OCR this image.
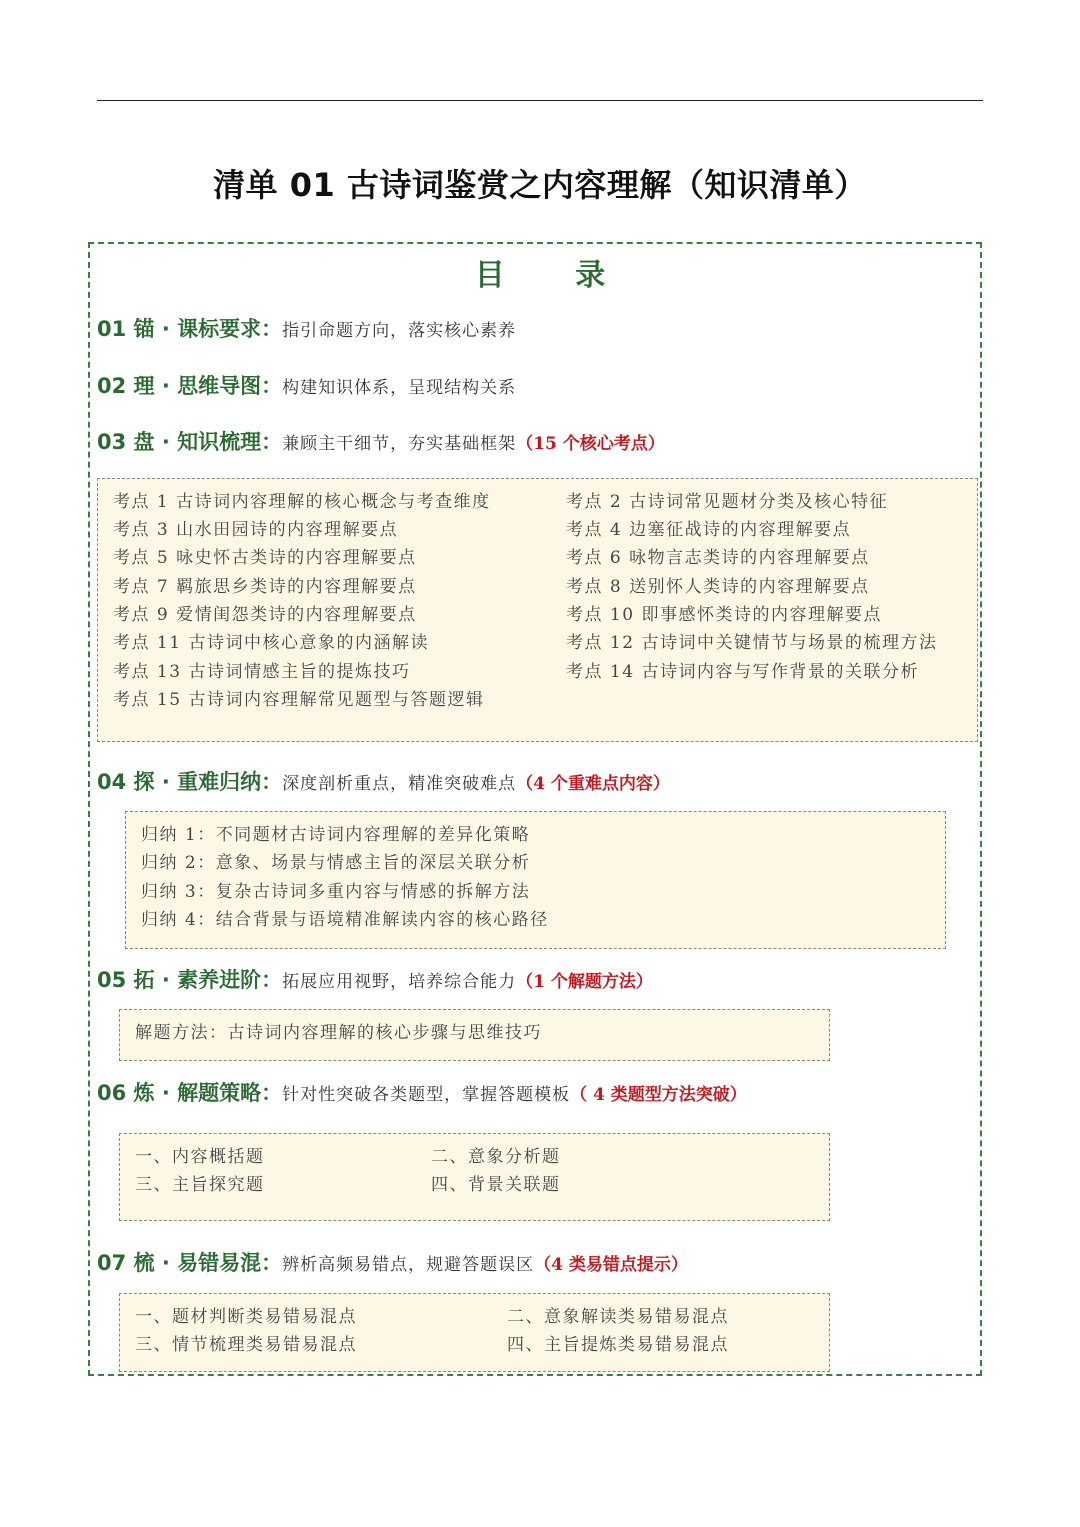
清单 01 古诗词鉴赏之内容理解（知识清单）
目 录
01 锚 · 课标要求：指引命题方向，落实核心素养
02 理 · 思维导图：构建知识体系，呈现结构关系
03 盘 · 知识梳理：兼顾主干细节，夯实基础框架（15 个核心考点）
考点 1 古诗词内容理解的核心概念与考查维度	考点 2 古诗词常见题材分类及核心特征
考点 3 山水田园诗的内容理解要点	考点 4 边塞征战诗的内容理解要点
考点 5 咏史怀古类诗的内容理解要点	考点 6 咏物言志类诗的内容理解要点
考点 7 羁旅思乡类诗的内容理解要点	考点 8 送别怀人类诗的内容理解要点
考点 9 爱情闺怨类诗的内容理解要点	考点 10 即事感怀类诗的内容理解要点
考点 11 古诗词中核心意象的内涵解读	考点 12 古诗词中关键情节与场景的梳理方法
考点 13 古诗词情感主旨的提炼技巧	考点 14 古诗词内容与写作背景的关联分析
考点 15 古诗词内容理解常见题型与答题逻辑
04 探 · 重难归纳：深度剖析重点，精准突破难点（4 个重难点内容）
归纳 1：不同题材古诗词内容理解的差异化策略
归纳 2：意象、场景与情感主旨的深层关联分析
归纳 3：复杂古诗词多重内容与情感的拆解方法
归纳 4：结合背景与语境精准解读内容的核心路径
05 拓 · 素养进阶：拓展应用视野，培养综合能力（1 个解题方法）
解题方法：古诗词内容理解的核心步骤与思维技巧
06 炼 · 解题策略：针对性突破各类题型，掌握答题模板（ 4 类题型方法突破）
一、内容概括题	二、意象分析题
三、主旨探究题	四、背景关联题
07 梳 · 易错易混：辨析高频易错点，规避答题误区（4 类易错点提示）
一、题材判断类易错易混点	二、意象解读类易错易混点
三、情节梳理类易错易混点	四、主旨提炼类易错易混点
